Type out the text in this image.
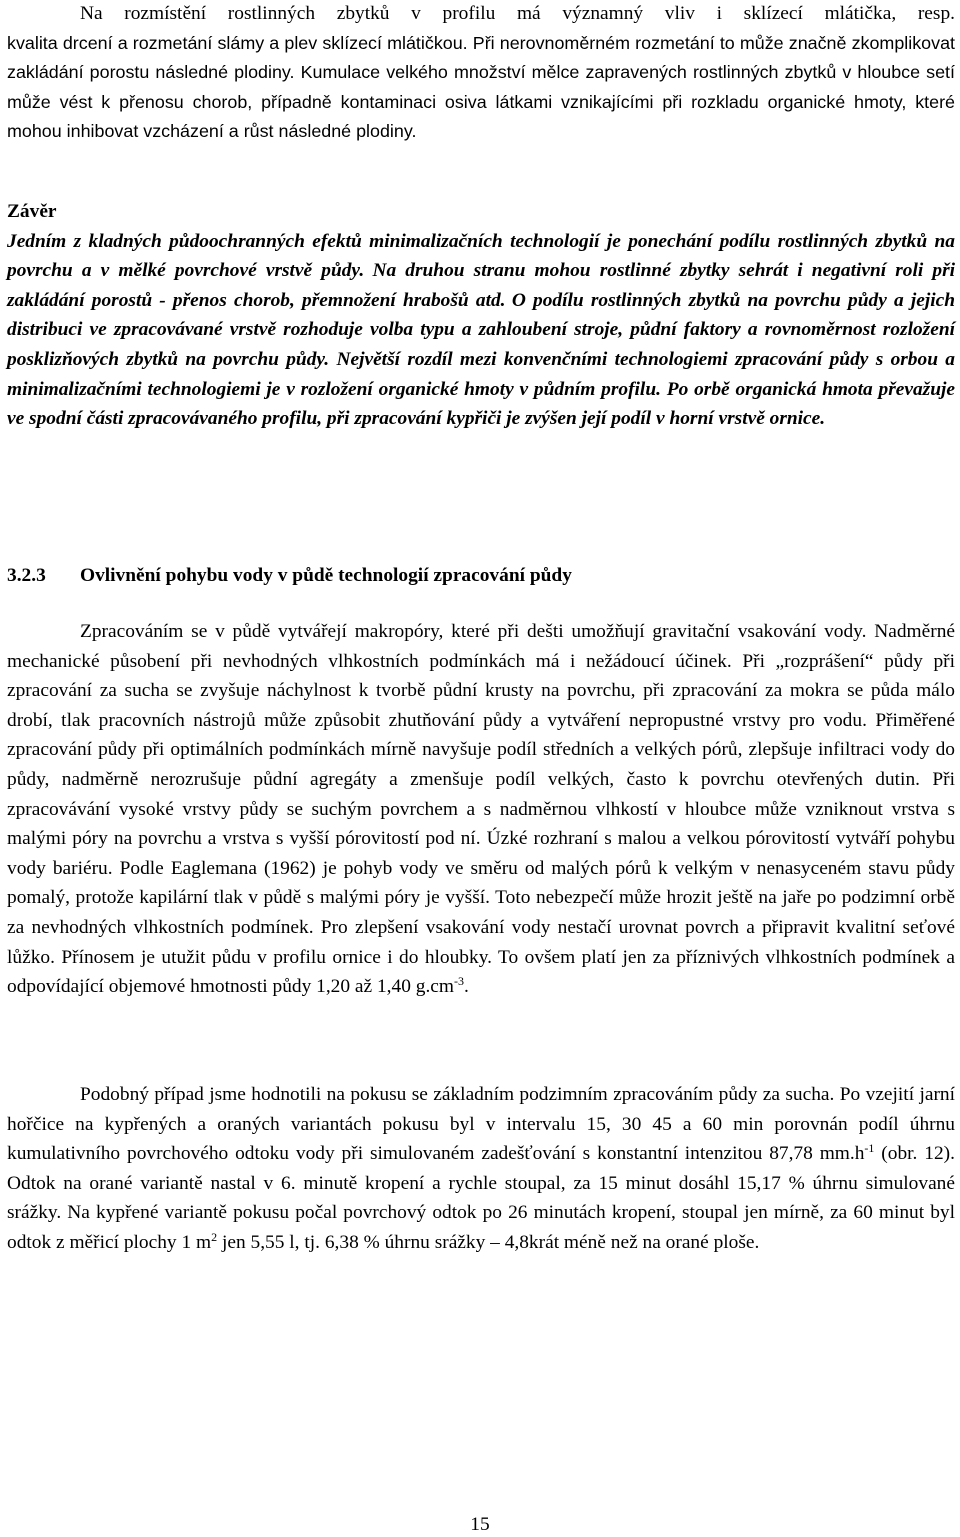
Na rozmístění rostlinných zbytků v profilu má významný vliv i sklízecí mlátička, resp.
kvalita drcení a rozmetání slámy a plev sklízecí mlátičkou. Při nerovnoměrném rozmetání to může značně zkomplikovat zakládání porostu následné plodiny. Kumulace velkého množství mělce zapravených rostlinných zbytků v hloubce setí může vést k přenosu chorob, případně kontaminaci osiva látkami vznikajícími při rozkladu organické hmoty, které mohou inhibovat vzcházení a růst následné plodiny.

Závěr

Jedním z kladných půdoochranných efektů minimalizačních technologií je ponechání podílu rostlinných zbytků na povrchu a v mělké povrchové vrstvě půdy. Na druhou stranu mohou rostlinné zbytky sehrát i negativní roli při zakládání porostů - přenos chorob, přemnožení hrabošů atd. O podílu rostlinných zbytků na povrchu půdy a jejich distribuci ve zpracovávané vrstvě rozhoduje volba typu a zahloubení stroje, půdní faktory a rovnoměrnost rozložení posklizňových zbytků na povrchu půdy. Největší rozdíl mezi konvenčními technologiemi zpracování půdy s orbou a minimalizačními technologiemi je v rozložení organické hmoty v půdním profilu. Po orbě organická hmota převažuje ve spodní části zpracovávaného profilu, při zpracování kypřiči je zvýšen její podíl v horní vrstvě ornice.

3.2.3 Ovlivnění pohybu vody v půdě technologií zpracování půdy

Zpracováním se v půdě vytvářejí makropóry, které při dešti umožňují gravitační vsakování vody. Nadměrné mechanické působení při nevhodných vlhkostních podmínkách má i nežádoucí účinek. Při „rozprášení“ půdy při zpracování za sucha se zvyšuje náchylnost k tvorbě půdní krusty na povrchu, při zpracování za mokra se půda málo drobí, tlak pracovních nástrojů může způsobit zhutňování půdy a vytváření nepropustné vrstvy pro vodu. Přiměřené zpracování půdy při optimálních podmínkách mírně navyšuje podíl středních a velkých pórů, zlepšuje infiltraci vody do půdy, nadměrně nerozrušuje půdní agregáty a zmenšuje podíl velkých, často k povrchu otevřených dutin. Při zpracovávání vysoké vrstvy půdy se suchým povrchem a s nadměrnou vlhkostí v hloubce může vzniknout vrstva s malými póry na povrchu a vrstva s vyšší pórovitostí pod ní. Úzké rozhraní s malou a velkou pórovitostí vytváří pohybu vody bariéru. Podle Eaglemana (1962) je pohyb vody ve směru od malých pórů k velkým v nenasyceném stavu půdy pomalý, protože kapilární tlak v půdě s malými póry je vyšší. Toto nebezpečí může hrozit ještě na jaře po podzimní orbě za nevhodných vlhkostních podmínek. Pro zlepšení vsakování vody nestačí urovnat povrch a připravit kvalitní seťové lůžko. Přínosem je utužit půdu v profilu ornice i do hloubky. To ovšem platí jen za příznivých vlhkostních podmínek a odpovídající objemové hmotnosti půdy 1,20 až 1,40 $g.cm^{-3}$.

Podobný případ jsme hodnotili na pokusu se základním podzimním zpracováním půdy za sucha. Po vzejití jarní hořčice na kypřených a oraných variantách pokusu byl v intervalu 15, 30 45 a 60 min porovnán podíl úhrnu kumulativního povrchového odtoku vody při simulovaném zadešťování s konstantní intenzitou 87,78 $mm.h^{-1}$ (obr. 12). Odtok na orané variantě nastal v 6. minutě kropení a rychle stoupal, za 15 minut dosáhl 15,17 % úhrnu simulované srážky. Na kypřené variantě pokusu počal povrchový odtok po 26 minutách kropení, stoupal jen mírně, za 60 minut byl odtok z měřicí plochy 1 $m^2$ jen 5,55 l, tj. 6,38 % úhrnu srážky – 4,8krát méně než na orané ploše.

15
